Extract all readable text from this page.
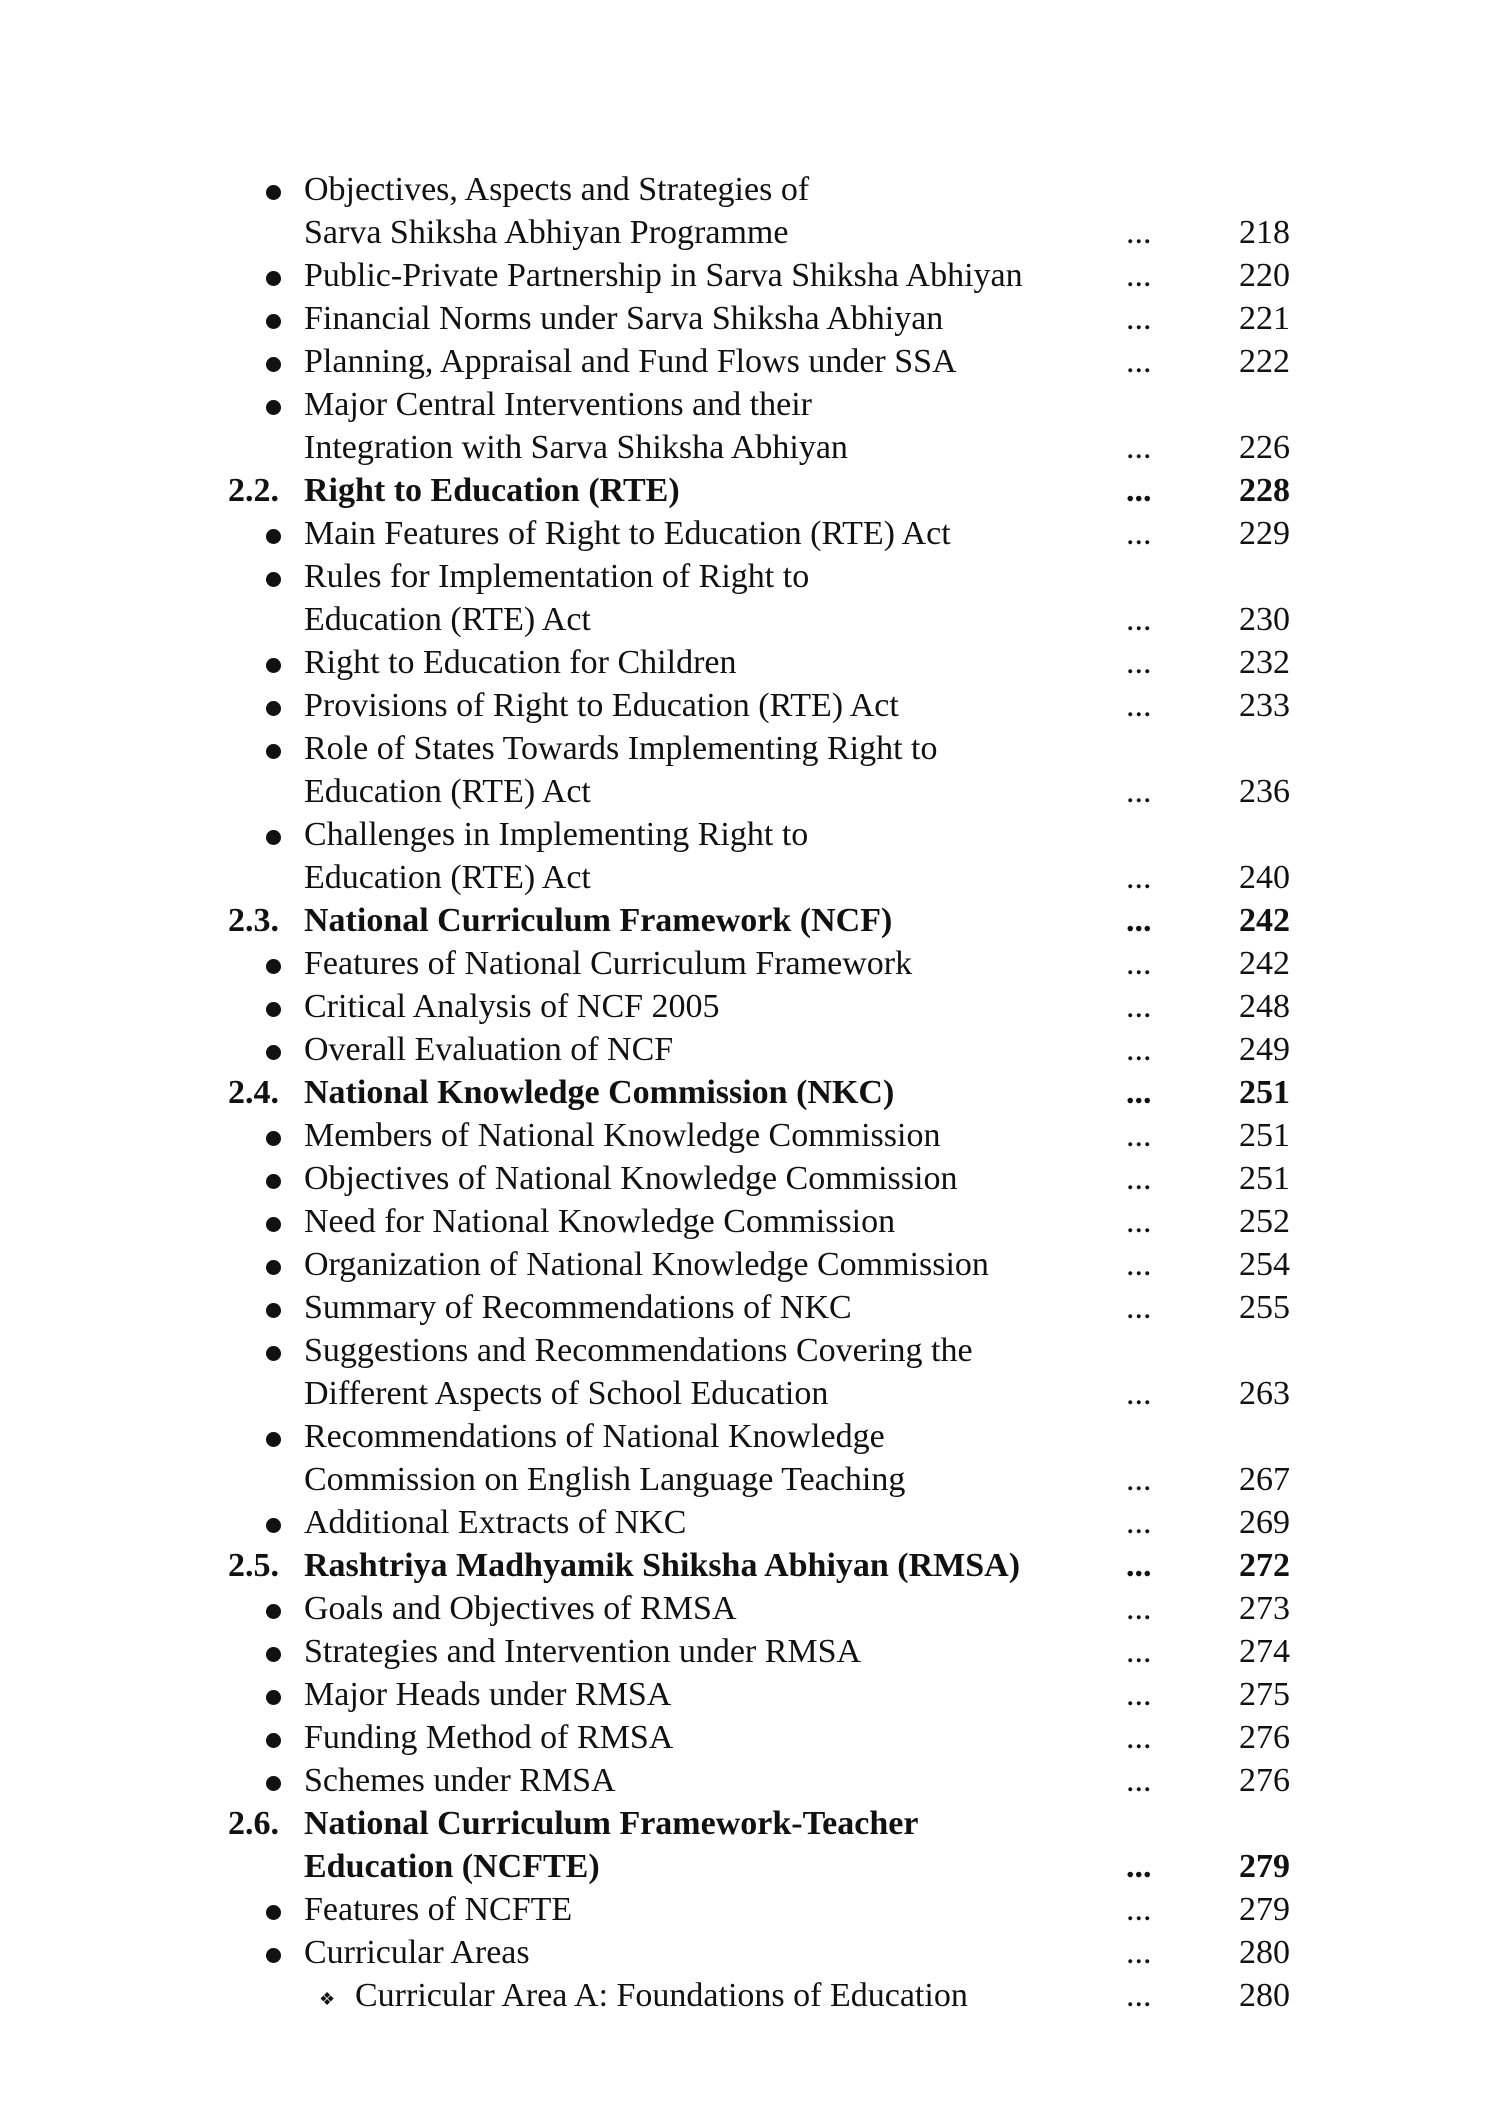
Objectives, Aspects and Strategies of
Sarva Shiksha Abhiyan Programme	...	218
Public-Private Partnership in Sarva Shiksha Abhiyan	...	220
Financial Norms under Sarva Shiksha Abhiyan	...	221
Planning, Appraisal and Fund Flows under SSA	...	222
Major Central Interventions and their
Integration with Sarva Shiksha Abhiyan	...	226
2.2. Right to Education (RTE)	...	228
Main Features of Right to Education (RTE) Act	...	229
Rules for Implementation of Right to
Education (RTE) Act	...	230
Right to Education for Children	...	232
Provisions of Right to Education (RTE) Act	...	233
Role of States Towards Implementing Right to
Education (RTE) Act	...	236
Challenges in Implementing Right to
Education (RTE) Act	...	240
2.3. National Curriculum Framework (NCF)	...	242
Features of National Curriculum Framework	...	242
Critical Analysis of NCF 2005	...	248
Overall Evaluation of NCF	...	249
2.4. National Knowledge Commission (NKC)	...	251
Members of National Knowledge Commission	...	251
Objectives of National Knowledge Commission	...	251
Need for National Knowledge Commission	...	252
Organization of National Knowledge Commission	...	254
Summary of Recommendations of NKC	...	255
Suggestions and Recommendations Covering the
Different Aspects of School Education	...	263
Recommendations of National Knowledge
Commission on English Language Teaching	...	267
Additional Extracts of NKC	...	269
2.5. Rashtriya Madhyamik Shiksha Abhiyan (RMSA)	...	272
Goals and Objectives of RMSA	...	273
Strategies and Intervention under RMSA	...	274
Major Heads under RMSA	...	275
Funding Method of RMSA	...	276
Schemes under RMSA	...	276
2.6. National Curriculum Framework-Teacher
Education (NCFTE)	...	279
Features of NCFTE	...	279
Curricular Areas	...	280
❖ Curricular Area A: Foundations of Education	...	280
